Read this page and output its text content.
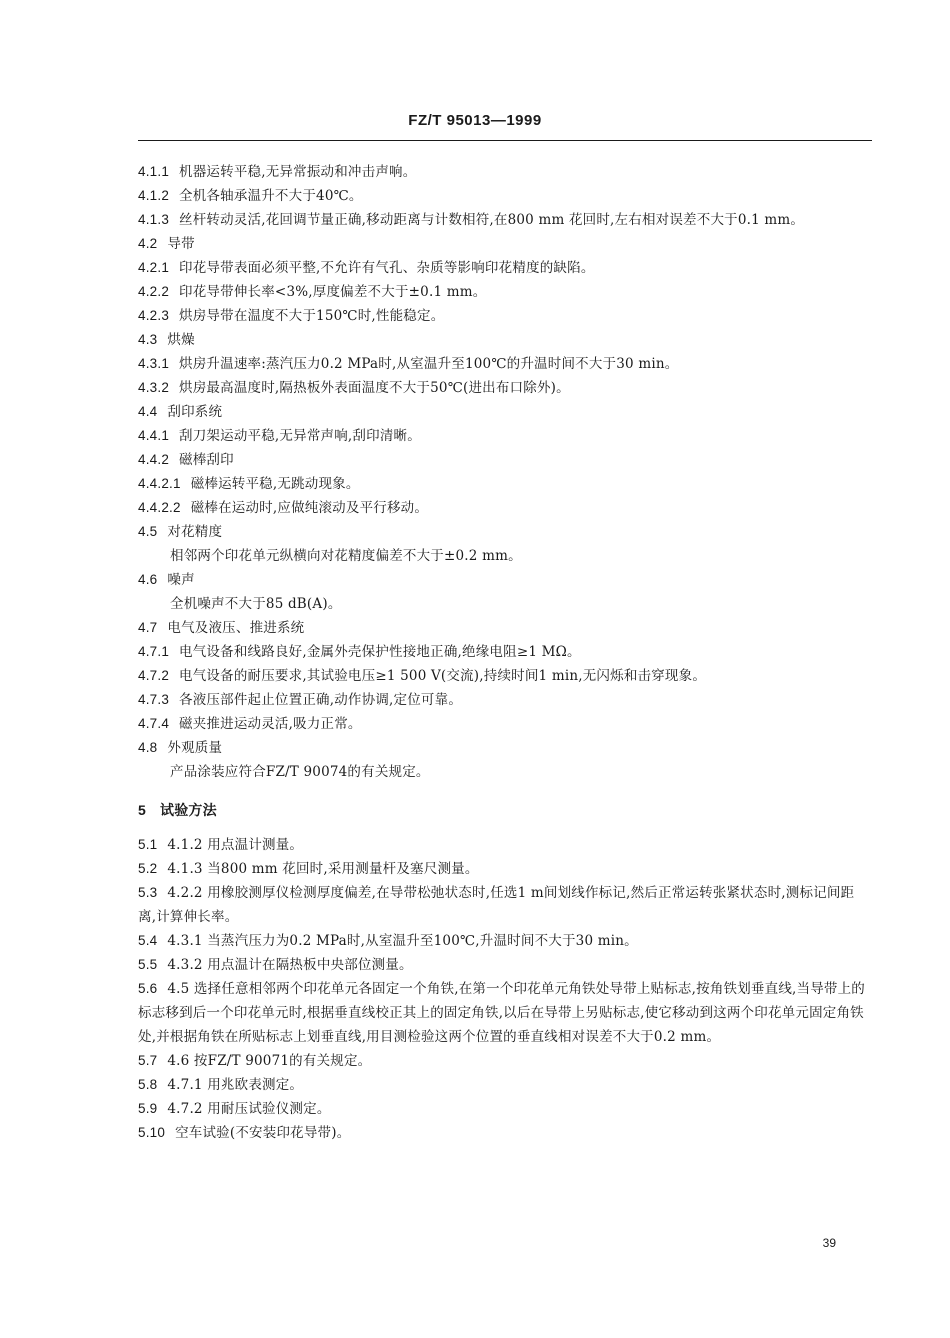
FZ/T 95013—1999

4.1.1 机器运转平稳,无异常振动和冲击声响。

4.1.2 全机各轴承温升不大于40℃。

4.1.3 丝杆转动灵活,花回调节量正确,移动距离与计数相符,在800 mm 花回时,左右相对误差不大于0.1 mm。

4.2 导带

4.2.1 印花导带表面必须平整,不允许有气孔、杂质等影响印花精度的缺陷。

4.2.2 印花导带伸长率<3%,厚度偏差不大于±0.1 mm。

4.2.3 烘房导带在温度不大于150℃时,性能稳定。

4.3 烘燥

4.3.1 烘房升温速率:蒸汽压力0.2 MPa时,从室温升至100℃的升温时间不大于30 min。

4.3.2 烘房最高温度时,隔热板外表面温度不大于50℃(进出布口除外)。

4.4 刮印系统

4.4.1 刮刀架运动平稳,无异常声响,刮印清晰。

4.4.2 磁棒刮印

4.4.2.1 磁棒运转平稳,无跳动现象。

4.4.2.2 磁棒在运动时,应做纯滚动及平行移动。

4.5 对花精度

相邻两个印花单元纵横向对花精度偏差不大于±0.2 mm。

4.6 噪声

全机噪声不大于85 dB(A)。

4.7 电气及液压、推进系统

4.7.1 电气设备和线路良好,金属外壳保护性接地正确,绝缘电阻≥1 MΩ。

4.7.2 电气设备的耐压要求,其试验电压≥1 500 V(交流),持续时间1 min,无闪烁和击穿现象。

4.7.3 各液压部件起止位置正确,动作协调,定位可靠。

4.7.4 磁夹推进运动灵活,吸力正常。

4.8 外观质量

产品涂装应符合FZ/T 90074的有关规定。

5 试验方法

5.1 4.1.2 用点温计测量。

5.2 4.1.3 当800 mm 花回时,采用测量杆及塞尺测量。

5.3 4.2.2 用橡胶测厚仪检测厚度偏差,在导带松弛状态时,任选1 m间划线作标记,然后正常运转张紧状态时,测标记间距离,计算伸长率。

5.4 4.3.1 当蒸汽压力为0.2 MPa时,从室温升至100℃,升温时间不大于30 min。

5.5 4.3.2 用点温计在隔热板中央部位测量。

5.6 4.5 选择任意相邻两个印花单元各固定一个角铁,在第一个印花单元角铁处导带上贴标志,按角铁划垂直线,当导带上的标志移到后一个印花单元时,根据垂直线校正其上的固定角铁,以后在导带上另贴标志,使它移动到这两个印花单元固定角铁处,并根据角铁在所贴标志上划垂直线,用目测检验这两个位置的垂直线相对误差不大于0.2 mm。

5.7 4.6 按FZ/T 90071的有关规定。

5.8 4.7.1 用兆欧表测定。

5.9 4.7.2 用耐压试验仪测定。

5.10 空车试验(不安装印花导带)。

39
